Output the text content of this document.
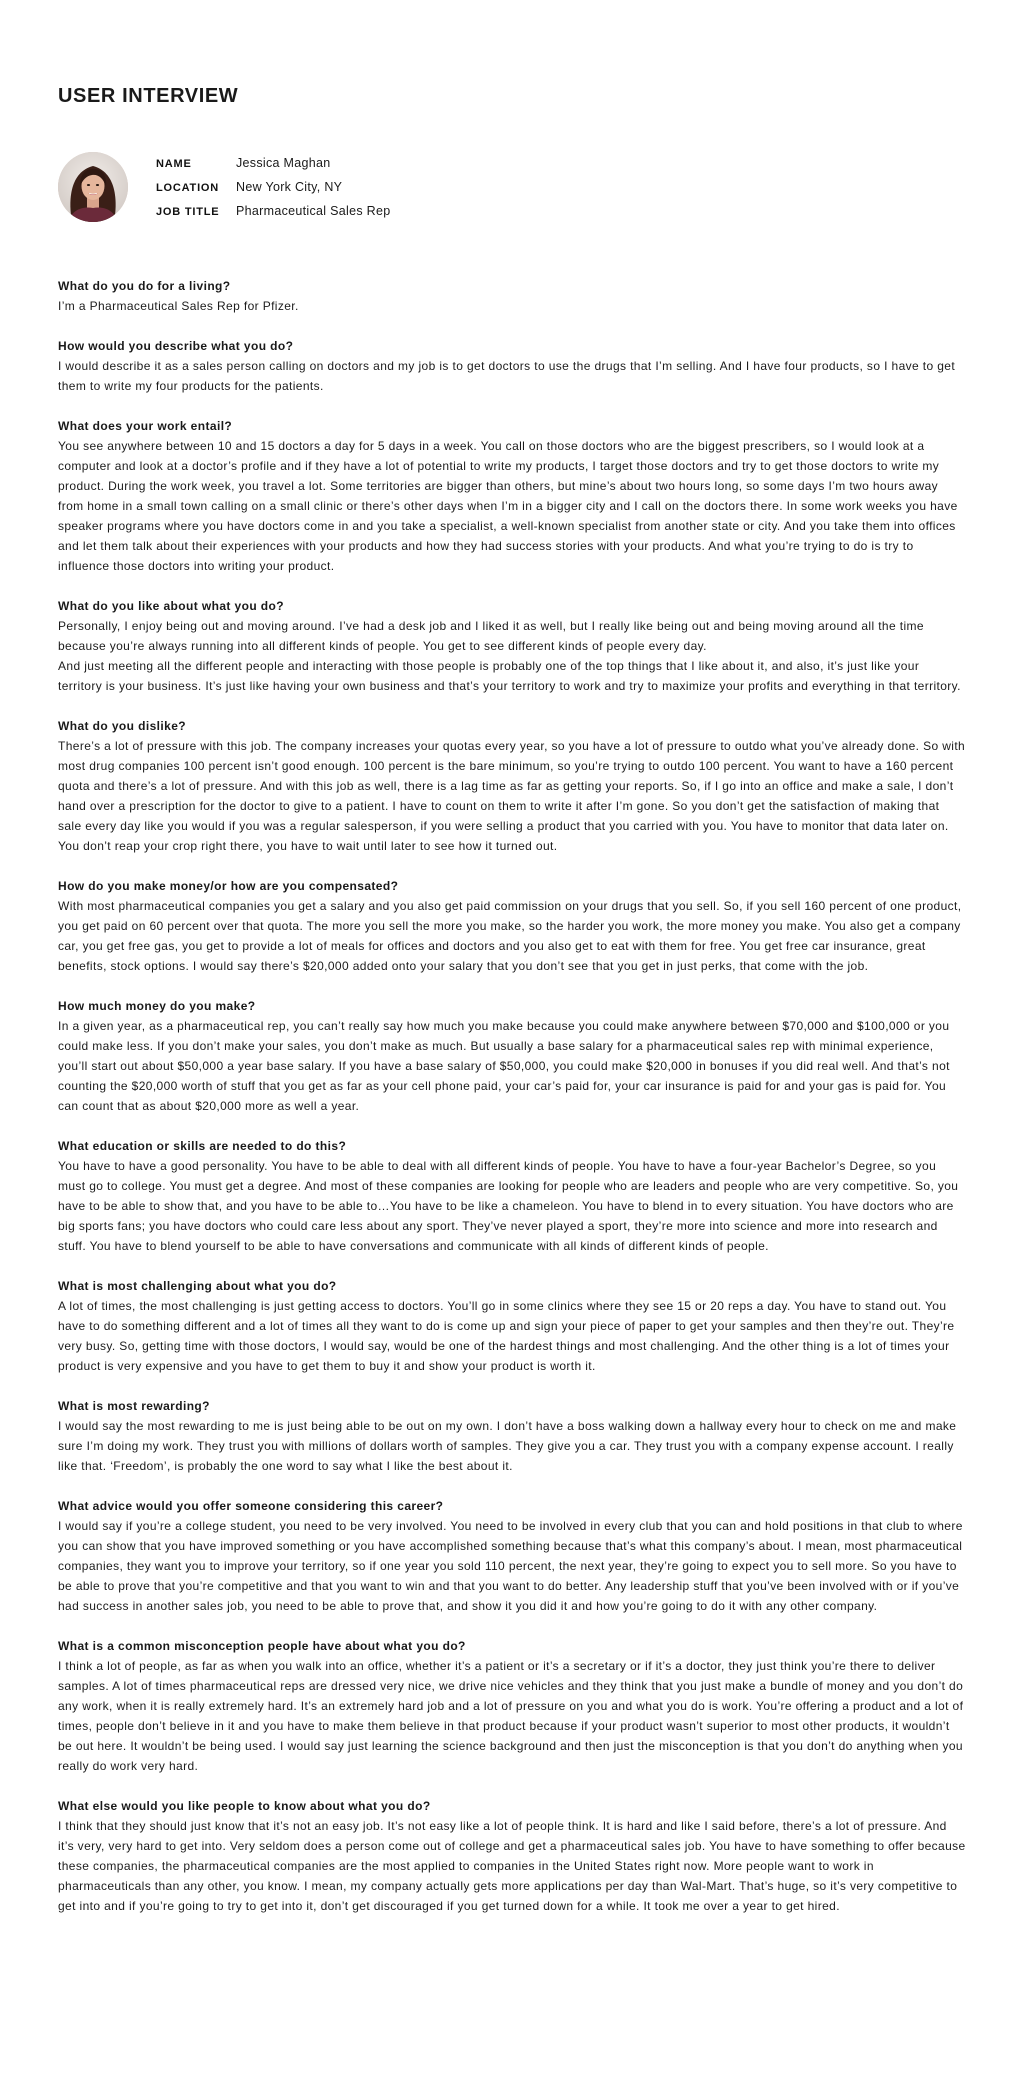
USER INTERVIEW
NAME	Jessica Maghan
LOCATION	New York City, NY
JOB TITLE	Pharmaceutical Sales Rep

What do you do for a living?

I’m a Pharmaceutical Sales Rep for Pfizer.

How would you describe what you do?

I would describe it as a sales person calling on doctors and my job is to get doctors to use the drugs that I’m selling. And I have four products, so I have to get them to write my four products for the patients.

What does your work entail?

You see anywhere between 10 and 15 doctors a day for 5 days in a week. You call on those doctors who are the biggest prescribers, so I would look at a computer and look at a doctor’s profile and if they have a lot of potential to write my products, I target those doctors and try to get those doctors to write my product. During the work week, you travel a lot. Some territories are bigger than others, but mine’s about two hours long, so some days I’m two hours away from home in a small town calling on a small clinic or there’s other days when I’m in a bigger city and I call on the doctors there. In some work weeks you have speaker programs where you have doctors come in and you take a specialist, a well-known specialist from another state or city. And you take them into offices and let them talk about their experiences with your products and how they had success stories with your products. And what you’re trying to do is try to influence those doctors into writing your product.

What do you like about what you do?

Personally, I enjoy being out and moving around. I’ve had a desk job and I liked it as well, but I really like being out and being moving around all the time because you’re always running into all different kinds of people. You get to see different kinds of people every day.

And just meeting all the different people and interacting with those people is probably one of the top things that I like about it, and also, it’s just like your territory is your business. It’s just like having your own business and that’s your territory to work and try to maximize your profits and everything in that territory.

What do you dislike?

There’s a lot of pressure with this job. The company increases your quotas every year, so you have a lot of pressure to outdo what you’ve already done. So with most drug companies 100 percent isn’t good enough. 100 percent is the bare minimum, so you’re trying to outdo 100 percent. You want to have a 160 percent quota and there’s a lot of pressure. And with this job as well, there is a lag time as far as getting your reports. So, if I go into an office and make a sale, I don’t hand over a prescription for the doctor to give to a patient. I have to count on them to write it after I’m gone. So you don’t get the satisfaction of making that sale every day like you would if you was a regular salesperson, if you were selling a product that you carried with you. You have to monitor that data later on. You don’t reap your crop right there, you have to wait until later to see how it turned out.

How do you make money/or how are you compensated?

With most pharmaceutical companies you get a salary and you also get paid commission on your drugs that you sell. So, if you sell 160 percent of one product, you get paid on 60 percent over that quota. The more you sell the more you make, so the harder you work, the more money you make. You also get a company car, you get free gas, you get to provide a lot of meals for offices and doctors and you also get to eat with them for free. You get free car insurance, great benefits, stock options. I would say there’s $20,000 added onto your salary that you don’t see that you get in just perks, that come with the job.

How much money do you make?

In a given year, as a pharmaceutical rep, you can’t really say how much you make because you could make anywhere between $70,000 and $100,000 or you could make less. If you don’t make your sales, you don’t make as much. But usually a base salary for a pharmaceutical sales rep with minimal experience, you’ll start out about $50,000 a year base salary. If you have a base salary of $50,000, you could make $20,000 in bonuses if you did real well. And that’s not counting the $20,000 worth of stuff that you get as far as your cell phone paid, your car’s paid for, your car insurance is paid for and your gas is paid for. You can count that as about $20,000 more as well a year.

What education or skills are needed to do this?

You have to have a good personality. You have to be able to deal with all different kinds of people. You have to have a four-year Bachelor’s Degree, so you must go to college. You must get a degree. And most of these companies are looking for people who are leaders and people who are very competitive. So, you have to be able to show that, and you have to be able to…You have to be like a chameleon. You have to blend in to every situation. You have doctors who are big sports fans; you have doctors who could care less about any sport. They’ve never played a sport, they’re more into science and more into research and stuff. You have to blend yourself to be able to have conversations and communicate with all kinds of different kinds of people.

What is most challenging about what you do?

A lot of times, the most challenging is just getting access to doctors. You’ll go in some clinics where they see 15 or 20 reps a day. You have to stand out. You have to do something different and a lot of times all they want to do is come up and sign your piece of paper to get your samples and then they’re out. They’re very busy. So, getting time with those doctors, I would say, would be one of the hardest things and most challenging. And the other thing is a lot of times your product is very expensive and you have to get them to buy it and show your product is worth it.

What is most rewarding?

I would say the most rewarding to me is just being able to be out on my own. I don’t have a boss walking down a hallway every hour to check on me and make sure I’m doing my work. They trust you with millions of dollars worth of samples. They give you a car. They trust you with a company expense account. I really like that. ‘Freedom’, is probably the one word to say what I like the best about it.

What advice would you offer someone considering this career?

I would say if you’re a college student, you need to be very involved. You need to be involved in every club that you can and hold positions in that club to where you can show that you have improved something or you have accomplished something because that’s what this company’s about. I mean, most pharmaceutical companies, they want you to improve your territory, so if one year you sold 110 percent, the next year, they’re going to expect you to sell more. So you have to be able to prove that you’re competitive and that you want to win and that you want to do better. Any leadership stuff that you’ve been involved with or if you’ve had success in another sales job, you need to be able to prove that, and show it you did it and how you’re going to do it with any other company.

What is a common misconception people have about what you do?

I think a lot of people, as far as when you walk into an office, whether it’s a patient or it’s a secretary or if it’s a doctor, they just think you’re there to deliver samples. A lot of times pharmaceutical reps are dressed very nice, we drive nice vehicles and they think that you just make a bundle of money and you don’t do any work, when it is really extremely hard. It’s an extremely hard job and a lot of pressure on you and what you do is work. You’re offering a product and a lot of times, people don’t believe in it and you have to make them believe in that product because if your product wasn’t superior to most other products, it wouldn’t be out here. It wouldn’t be being used. I would say just learning the science background and then just the misconception is that you don’t do anything when you really do work very hard.

What else would you like people to know about what you do?

I think that they should just know that it’s not an easy job. It’s not easy like a lot of people think. It is hard and like I said before, there’s a lot of pressure. And it’s very, very hard to get into. Very seldom does a person come out of college and get a pharmaceutical sales job. You have to have something to offer because these companies, the pharmaceutical companies are the most applied to companies in the United States right now. More people want to work in pharmaceuticals than any other, you know. I mean, my company actually gets more applications per day than Wal-Mart. That’s huge, so it’s very competitive to get into and if you’re going to try to get into it, don’t get discouraged if you get turned down for a while. It took me over a year to get hired.
